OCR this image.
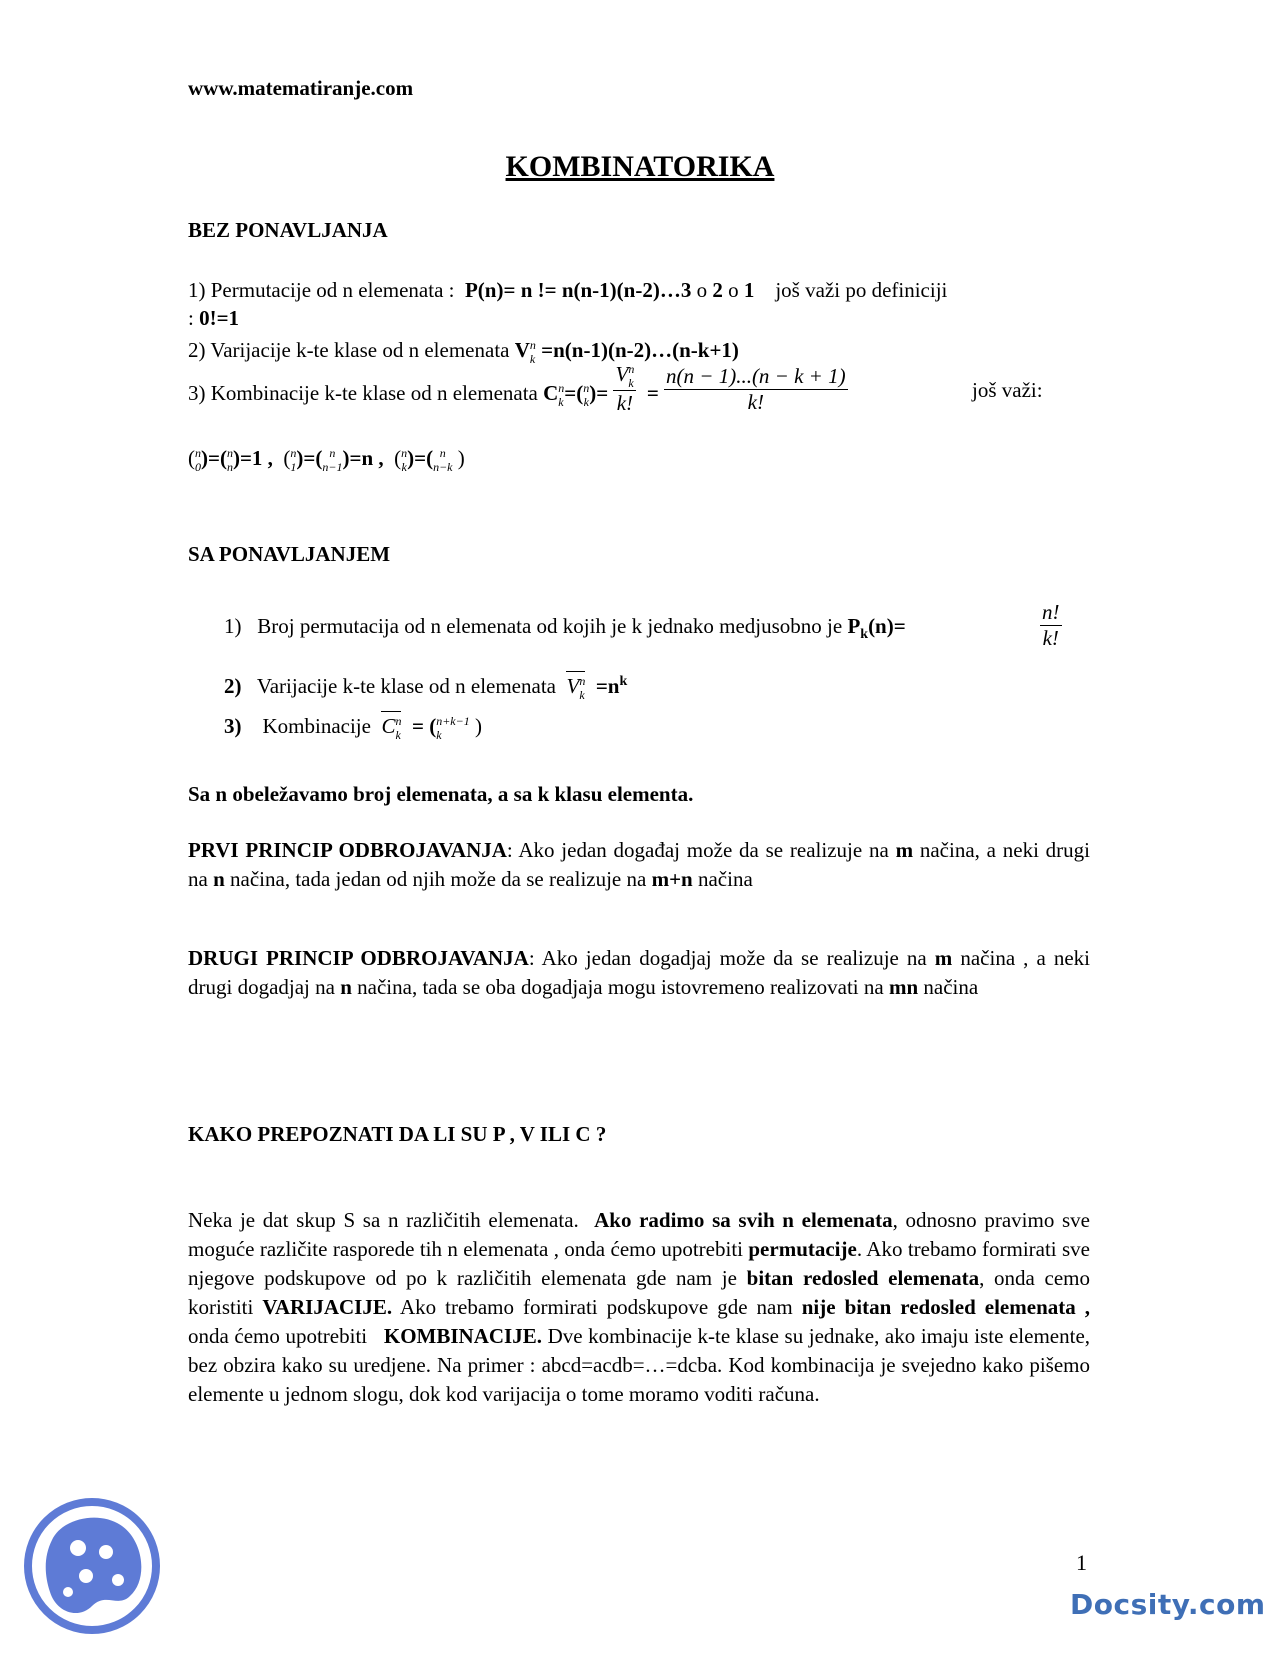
www.matematiranje.com
KOMBINATORIKA
BEZ PONAVLJANJA
1) Permutacije od n elemenata : P(n)= n != n(n-1)(n-2)…3 o 2 o 1 još važi po definiciji
: 0!=1
2) Varijacije k-te klase od n elemenata Vn
k =n(n-1)(n-2)…(n-k+1)
3) Kombinacije k-te klase od n elemenata Cn
k=(n
k)=
Vn
k
k! = $\frac{n(n - 1)...(n - k + 1)}{k!}$	još važi:
(n
0)=(n
n)=1 ,  (n
1)=( n
n−1)=n ,  (n
k)=( n
n−k )
SA PONAVLJANJEM
1) Broj permutacija od n elemenata od kojih je k jednako medjusobno je $P_k(n)=$	$\frac{n!}{k!}$
2) Varijacije k-te klase od n elemenata Vn
$k =n^k$
3) Kombinacije Cn
k = (n+k−1
k )
Sa n obeležavamo broj elemenata, a sa k klasu elementa.
PRVI PRINCIP ODBROJAVANJA: Ako jedan događaj može da se realizuje na m načina, a neki drugi na n načina, tada jedan od njih može da se realizuje na m+n načina
DRUGI PRINCIP ODBROJAVANJA: Ako jedan dogadjaj može da se realizuje na m načina , a neki drugi dogadjaj na n načina, tada se oba dogadjaja mogu istovremeno realizovati na mn načina
KAKO PREPOZNATI DA LI SU P , V ILI C ?
Neka je dat skup S sa n različitih elemenata. Ako radimo sa svih n elemenata, odnosno pravimo sve moguće različite rasporede tih n elemenata , onda ćemo upotrebiti permutacije. Ako trebamo formirati sve njegove podskupove od po k različitih elemenata gde nam je bitan redosled elemenata, onda cemo koristiti VARIJACIJE. Ako trebamo formirati podskupove gde nam nije bitan redosled elemenata , onda ćemo upotrebiti KOMBINACIJE. Dve kombinacije k-te klase su jednake, ako imaju iste elemente, bez obzira kako su uredjene. Na primer : abcd=acdb=…=dcba. Kod kombinacija je svejedno kako pišemo elemente u jednom slogu, dok kod varijacija o tome moramo voditi računa.
1
Docsity.com
